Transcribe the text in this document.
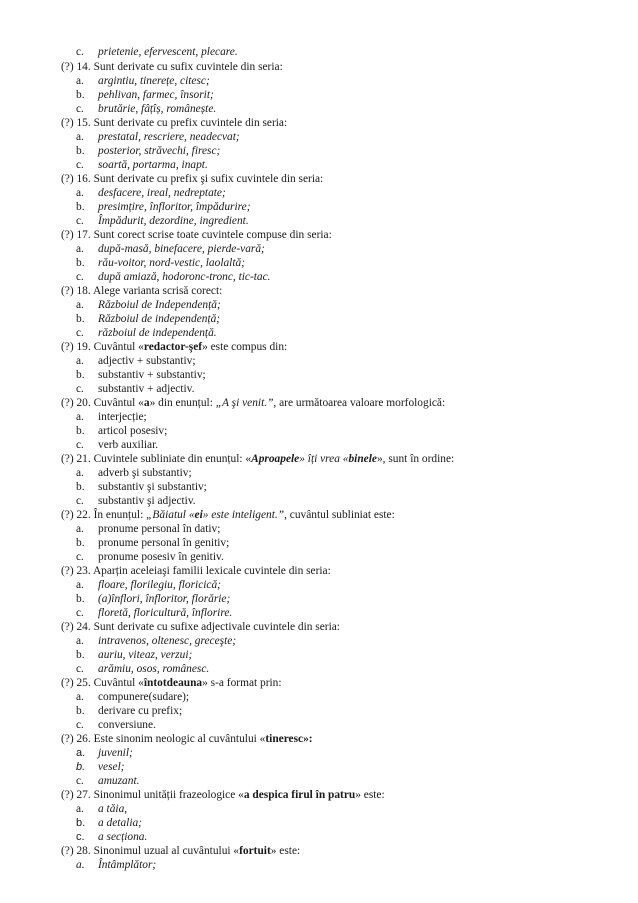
c. prietenie, efervescent, plecare.
(?) 14. Sunt derivate cu sufix cuvintele din seria:
a. argintiu, tinerețe, citesc;
b. pehlivan, farmec, însorit;
c. brutărie, fâțîș, românește.
(?) 15. Sunt derivate cu prefix cuvintele din seria:
a. prestatal, rescriere, neadecvat;
b. posterior, străvechi, firesc;
c. soartă, portarma, inapt.
(?) 16. Sunt derivate cu prefix şi sufix cuvintele din seria:
a. desfacere, ireal, nedreptate;
b. presimțire, înfloritor, împădurire;
c. Împădurit, dezordine, ingredient.
(?) 17. Sunt corect scrise toate cuvintele compuse din seria:
a. după-masă, binefacere, pierde-vară;
b. rău-voitor, nord-vestic, laolaltă;
c. după amiază, hodoronc-tronc, tic-tac.
(?) 18. Alege varianta scrisă corect:
a. Războiul de Independență;
b. Războiul de independență;
c. războiul de independență.
(?) 19. Cuvântul «redactor-şef» este compus din:
a. adjectiv + substantiv;
b. substantiv + substantiv;
c. substantiv + adjectiv.
(?) 20. Cuvântul «a» din enunțul: „A şi venit.”, are următoarea valoare morfologică:
a. interjecție;
b. articol posesiv;
c. verb auxiliar.
(?) 21. Cuvintele subliniate din enunțul: «Aproapele» îți vrea «binele», sunt în ordine:
a. adverb şi substantiv;
b. substantiv şi substantiv;
c. substantiv şi adjectiv.
(?) 22. În enunțul: „Băiatul «ei» este inteligent.”, cuvântul subliniat este:
a. pronume personal în dativ;
b. pronume personal în genitiv;
c. pronume posesiv în genitiv.
(?) 23. Aparțin aceleiaşi familii lexicale cuvintele din seria:
a. floare, florilegiu, floricică;
b. (a)înflori, înfloritor, florărie;
c. floretă, floricultură, înflorire.
(?) 24. Sunt derivate cu sufixe adjectivale cuvintele din seria:
a. intravenos, oltenesc, greceşte;
b. auriu, viteaz, verzui;
c. arămiu, osos, românesc.
(?) 25. Cuvântul «întotdeauna» s-a format prin:
a. compunere(sudare);
b. derivare cu prefix;
c. conversiune.
(?) 26. Este sinonim neologic al cuvântului «tineresc»:
a. juvenil;
b. vesel;
c. amuzant.
(?) 27. Sinonimul unității frazeologice «a despica firul în patru» este:
a. a tăia,
b. a detalia;
c. a secționa.
(?) 28. Sinonimul uzual al cuvântului «fortuit» este:
a. Întâmplător;
